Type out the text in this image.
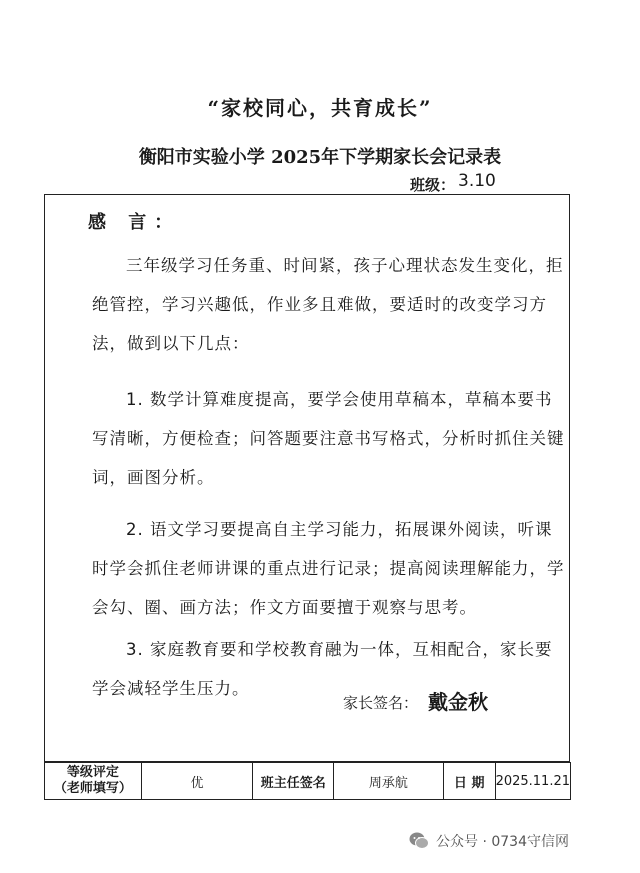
“家校同心，共育成长”
衡阳市实验小学 2025年下学期家长会记录表
班级： 3.10
感 言：
三年级学习任务重、时间紧，孩子心理状态发生变化，拒绝管控，学习兴趣低，作业多且难做，要适时的改变学习方法，做到以下几点：
1. 数学计算难度提高，要学会使用草稿本，草稿本要书写清晰，方便检查；问答题要注意书写格式，分析时抓住关键词，画图分析。
2. 语文学习要提高自主学习能力，拓展课外阅读，听课时学会抓住老师讲课的重点进行记录；提高阅读理解能力，学会勾、圈、画方法；作文方面要擅于观察与思考。
3. 家庭教育要和学校教育融为一体，互相配合，家长要学会减轻学生压力。
家长签名： 戴金秋
等级评定
（老师填写）	优	班主任签名	周承航	日 期	2025.11.21
公众号 · 0734守信网
